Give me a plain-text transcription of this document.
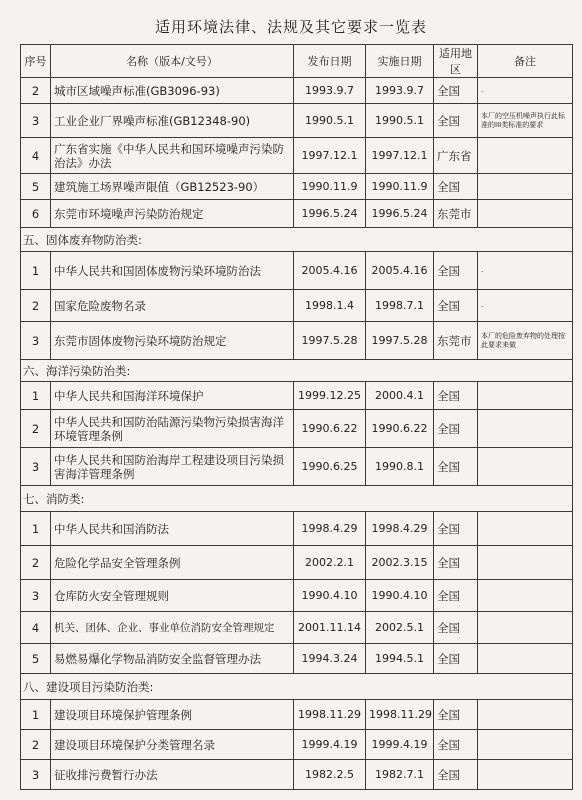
适用环境法律、法规及其它要求一览表
序号	名称（版本/文号）	发布日期	实施日期	适用地区	备注
2	城市区域噪声标准(GB3096-93)	1993.9.7	1993.9.7	全国	.
3	工业企业厂界噪声标准(GB12348-90)	1990.5.1	1990.5.1	全国	本厂的空压机噪声执行此标准的III类标准的要求
4	广东省实施《中华人民共和国环境噪声污染防治法》办法	1997.12.1	1997.12.1	广东省	
5	建筑施工场界噪声限值（GB12523-90）	1990.11.9	1990.11.9	全国	
6	东莞市环境噪声污染防治规定	1996.5.24	1996.5.24	东莞市	
五、固体废弃物防治类:					
1	中华人民共和国固体废物污染环境防治法	2005.4.16	2005.4.16	全国	.
2	国家危险废物名录	1998.1.4	1998.7.1	全国	.
3	东莞市固体废物污染环境防治规定	1997.5.28	1997.5.28	东莞市	本厂的危险废弃物的处理按此要求来做
六、海洋污染防治类:					
1	中华人民共和国海洋环境保护	1999.12.25	2000.4.1	全国	
2	中华人民共和国防治陆源污染物污染损害海洋环境管理条例	1990.6.22	1990.6.22	全国	
3	中华人民共和国防治海岸工程建设项目污染损害海洋管理条例	1990.6.25	1990.8.1	全国	
七、消防类:					
1	中华人民共和国消防法	1998.4.29	1998.4.29	全国	
2	危险化学品安全管理条例	2002.2.1	2002.3.15	全国	
3	仓库防火安全管理规则	1990.4.10	1990.4.10	全国	
4	机关、团体、企业、事业单位消防安全管理规定	2001.11.14	2002.5.1	全国	
5	易燃易爆化学物品消防安全监督管理办法	1994.3.24	1994.5.1	全国	
八、建设项目污染防治类:					
1	建设项目环境保护管理条例	1998.11.29	1998.11.29	全国	
2	建设项目环境保护分类管理名录	1999.4.19	1999.4.19	全国	
3	征收排污费暂行办法	1982.2.5	1982.7.1	全国	
